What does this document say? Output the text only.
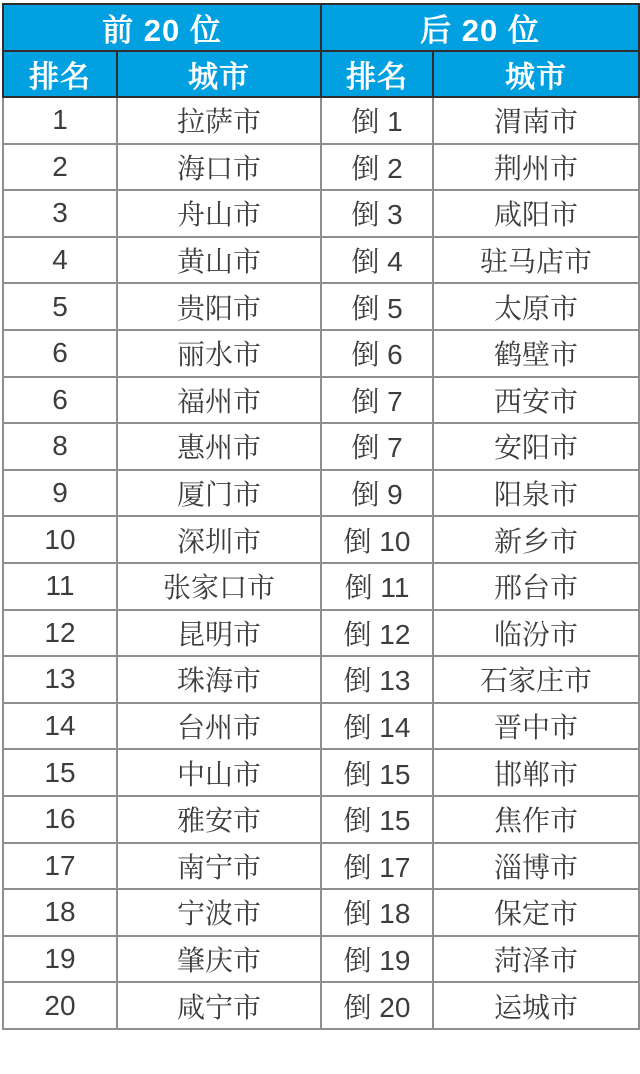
前 20 位		后 20 位	
排名	城市	排名	城市
1	拉萨市	倒 1	渭南市
2	海口市	倒 2	荆州市
3	舟山市	倒 3	咸阳市
4	黄山市	倒 4	驻马店市
5	贵阳市	倒 5	太原市
6	丽水市	倒 6	鹤壁市
6	福州市	倒 7	西安市
8	惠州市	倒 7	安阳市
9	厦门市	倒 9	阳泉市
10	深圳市	倒 10	新乡市
11	张家口市	倒 11	邢台市
12	昆明市	倒 12	临汾市
13	珠海市	倒 13	石家庄市
14	台州市	倒 14	晋中市
15	中山市	倒 15	邯郸市
16	雅安市	倒 15	焦作市
17	南宁市	倒 17	淄博市
18	宁波市	倒 18	保定市
19	肇庆市	倒 19	菏泽市
20	咸宁市	倒 20	运城市
